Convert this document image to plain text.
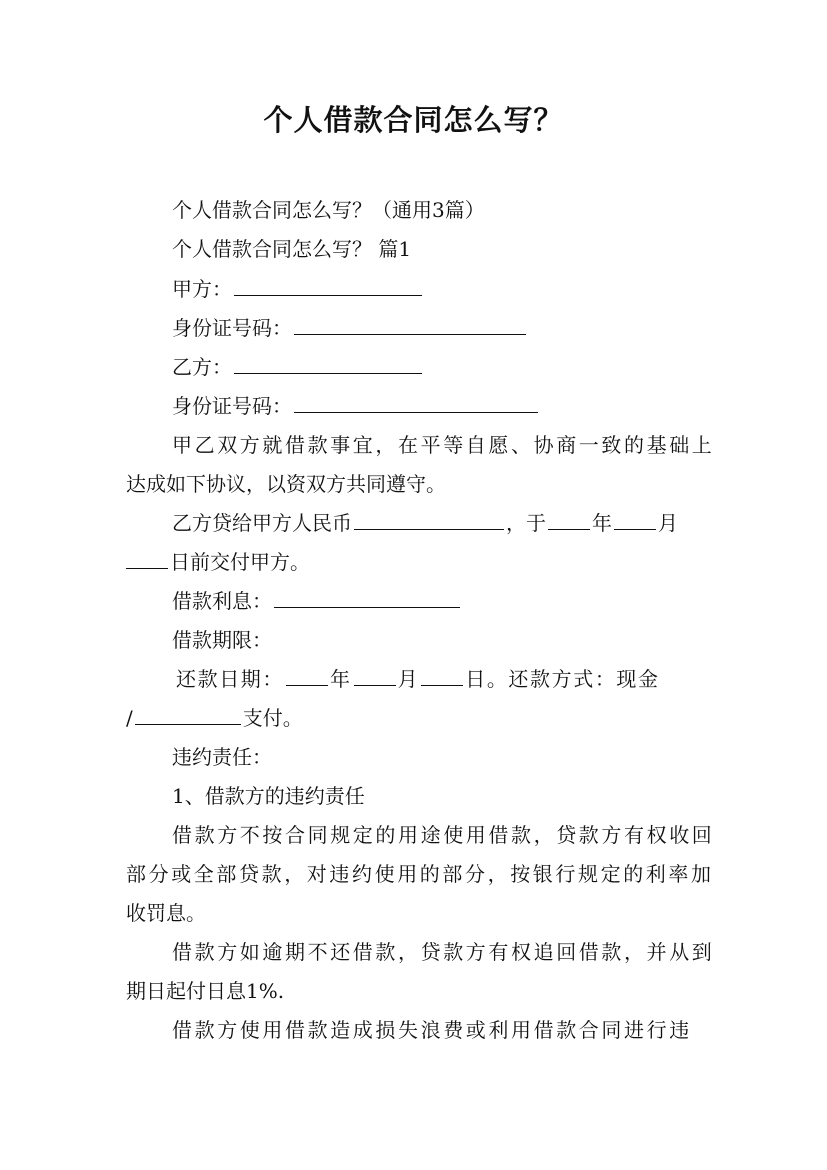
个人借款合同怎么写？
个人借款合同怎么写？（通用3篇）
个人借款合同怎么写？ 篇1
甲方：
身份证号码：
乙方：
身份证号码：
甲乙双方就借款事宜，在平等自愿、协商一致的基础上
达成如下协议，以资双方共同遵守。
乙方贷给甲方人民币	，于 年 月
日前交付甲方。
借款利息：
借款期限：
还款日期： 年 月 日。还款方式：现金
/	支付。
违约责任：
1、借款方的违约责任
借款方不按合同规定的用途使用借款，贷款方有权收回
部分或全部贷款，对违约使用的部分，按银行规定的利率加
收罚息。
借款方如逾期不还借款，贷款方有权追回借款，并从到
期日起付日息1%.
借款方使用借款造成损失浪费或利用借款合同进行违
